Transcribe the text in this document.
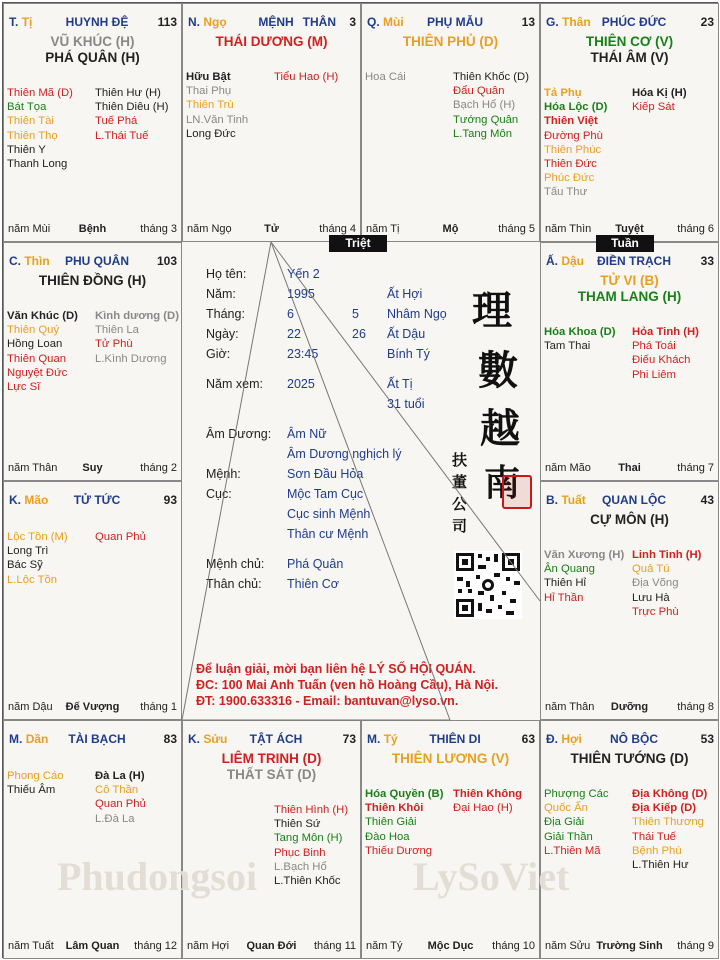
HUYNH ĐỆ
T. Tị	113
VŨ KHÚC (H)
PHÁ QUÂN (H)
Thiên Mã (D)
Bát Tọa
Thiên Tài
Thiên Thọ
Thiên Y
Thanh Long
Thiên Hư (H)
Thiên Diêu (H)
Tuế Phá
L.Thái Tuế
Bệnh
năm Mùi	tháng 3
MỆNH
N. Ngọ	THÂN 3
THÁI DƯƠNG (M)
Hữu Bật
Thai Phụ
Thiên Trù
LN.Văn Tinh
Long Đức
Tiểu Hao (H)
Tử
năm Ngọ	tháng 4
PHỤ MẪU
Q. Mùi	13
THIÊN PHỦ (D)
Hoa Cái	Thiên Khốc (D)
Đẩu Quân
Bạch Hổ (H)
Tướng Quân
L.Tang Môn
Mộ
năm Tị	tháng 5
PHÚC ĐỨC
G. Thân	23
THIÊN CƠ (V)
THÁI ÂM (V)
Tả Phụ
Hóa Lộc (D)
Thiên Việt
Đường Phù
Thiên Phúc
Thiên Đức
Phúc Đức
Tấu Thư
Hóa Kị (H)
Kiếp Sát
Tuyệt
năm Thìn	tháng 6
PHU QUÂN
C. Thìn	103
THIÊN ĐỒNG (H)
Văn Khúc (D)
Thiên Quý
Hồng Loan
Thiên Quan
Nguyệt Đức
Lực Sĩ
Kình dương (D)
Thiên La
Tử Phù
L.Kình Dương
Suy
năm Thân	tháng 2
ĐIỀN TRẠCH
Ấ. Dậu	33
TỬ VI (B)
THAM LANG (H)
Hóa Khoa (D)
Tam Thai
Hỏa Tinh (H)
Phá Toái
Điếu Khách
Phi Liêm
Thai
năm Mão	tháng 7
TỬ TỨC
K. Mão	93
Lộc Tồn (M)
Long Trì
Bác Sỹ
L.Lộc Tồn
Quan Phủ
Đế Vượng
năm Dậu	tháng 1
QUAN LỘC
B. Tuất	43
CỰ MÔN (H)
Văn Xương (H)
Ân Quang
Thiên Hỉ
Hỉ Thần
Linh Tinh (H)
Quả Tú
Địa Võng
Lưu Hà
Trực Phù
Dưỡng
năm Thân	tháng 8
TÀI BẠCH
M. Dần	83
Phong Cáo
Thiếu Âm
Đà La (H)
Cô Thần
Quan Phủ
L.Đà La
Lâm Quan
năm Tuất	tháng 12
TẬT ÁCH
K. Sửu	73
LIÊM TRINH (D)
THẤT SÁT (D)
Thiên Hình (H)
Thiên Sứ
Tang Môn (H)
Phục Binh
L.Bạch Hổ
L.Thiên Khốc
Quan Đới
năm Hợi	tháng 11
THIÊN DI
M. Tý	63
THIÊN LƯƠNG (V)
Hóa Quyền (B)
Thiên Khôi
Thiên Giải
Đào Hoa
Thiếu Dương
Thiên Không
Đại Hao (H)
Mộc Dục
năm Tý	tháng 10
NÔ BỘC
Đ. Hợi	53
THIÊN TƯỚNG (D)
Phượng Các
Quốc Ấn
Địa Giải
Giải Thần
L.Thiên Mã
Địa Không (D)
Địa Kiếp (D)
Thiên Thương
Thái Tuế
Bệnh Phù
L.Thiên Hư
Trường Sinh
năm Sửu	tháng 9
Họ tên:	Yến 2
Năm:	1995	Ất Hợi
Tháng:	6	5 Nhâm Ngọ
Ngày:	22	26 Ất Dậu
Giờ:	23:45	Bính Tý
Năm xem: 2025	Ất Tị
31 tuổi
Âm Dương: Âm Nữ
Âm Dương nghịch lý
Mệnh:	Sơn Đầu Hỏa
Cục:	Mộc Tam Cục
Cục sinh Mệnh
Thân cư Mệnh
Mệnh chủ: Phá Quân
Thân chủ: Thiên Cơ
理
數
越
南
扶
董
公
司
Để luận giải, mời bạn liên hệ LÝ SỐ HỘI QUÁN.
ĐC: 100 Mai Anh Tuấn (ven hồ Hoàng Cầu), Hà Nội.
ĐT: 1900.633316 - Email: bantuvan@lyso.vn.
Triệt	Tuần
Phudongsoi	LySoViet
